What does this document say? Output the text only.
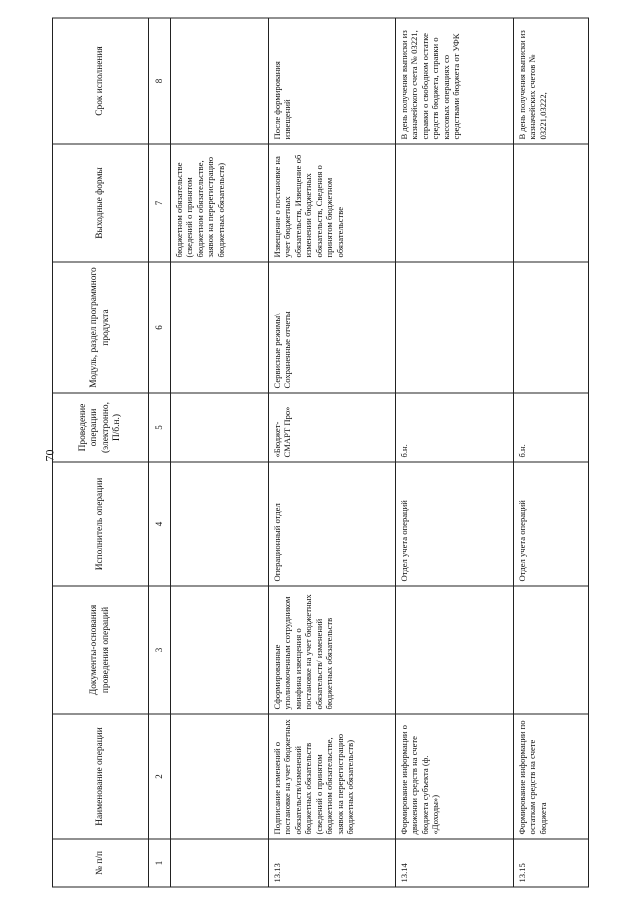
70
№ п/п	Наименование операции	Документы-основания проведения операций	Исполнитель операции	Проведение операции (электронно, П/б.н.)	Модуль, раздел программного продукта	Выходные формы	Срок исполнения
1	2	3	4	5	6	7	8
						бюджетном обязательстве (сведений о принятом бюджетном обязательстве, заявок на перерегистрацию бюджетных обязательств)	
13.13	Подписание изменений о постановке на учет бюджетных обязательств/изменений бюджетных обязательств (сведений о принятом бюджетном обязательстве, заявок на перерегистрацию бюджетных обязательств)	Сформированные уполномоченным сотрудником минфина извещения о постановке на учет бюджетных обязательств/ изменений бюджетных обязательств	Операционный отдел	«Бюджет-СМАРТ Про»	Сервисные режимы\ Сохраненные отчеты	Извещение о постановке на учет бюджетных обязательств, Извещение об изменении бюджетных обязательств, Сведения о принятом бюджетном обязательстве	После формирования извещений
13.14	Формирование информации о движении средств на счете бюджета субъекта (ф. «Доходы»)		Отдел учета операций	б.н.			В день получения выписки из казначейского счета № 03221, справки о свободном остатке средств бюджета, справки о кассовых операциях со средствами бюджета от УФК
13.15	Формирование информации по остаткам средств на счете бюджета		Отдел учета операций	б.н.			В день получения выписки из казначейских счетов № 03221,03222,
